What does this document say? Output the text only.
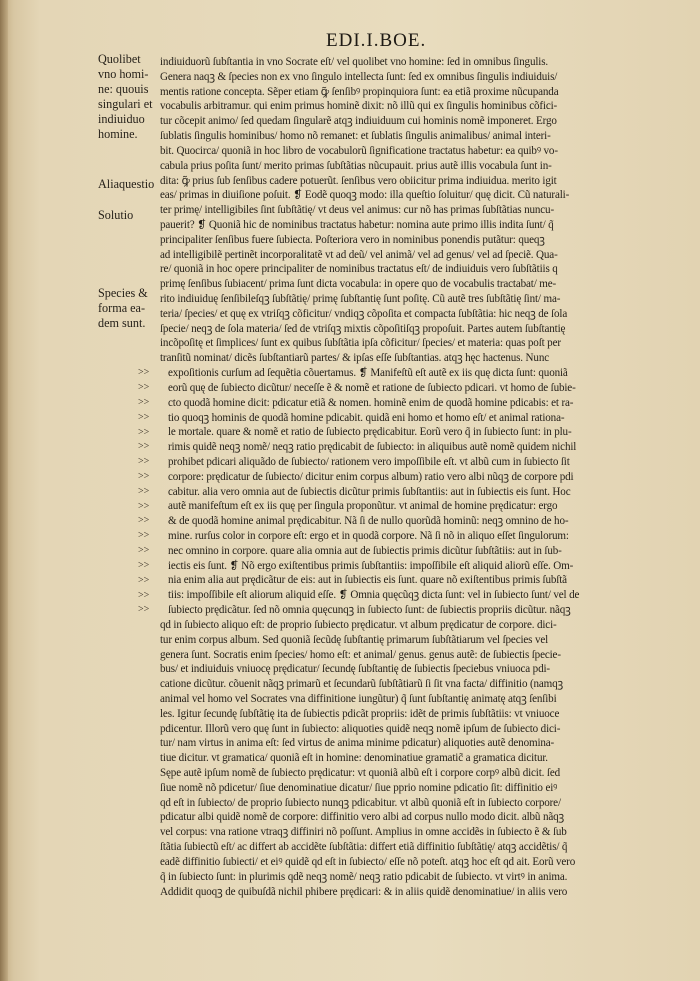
EDI.I.BOE.
Quolibet
vno homi-
ne: quouis
singulari et
indiuiduo
homine.
Aliaquestio
Solutio
Species &
forma ea-
dem sunt.
>>
>>
>>
>>
>>
>>
>>
>>
>>
>>
>>
>>
>>
>>
>>
>>
>>
indiuiduorũ ſubſtantia in vno Socrate eſt/ vel quolibet vno homine: ſed in omnibus ſingulis.
Genera naqꝫ & ſpecies non ex vno ſingulo intellecta ſunt: ſed ex omnibus ſingulis indiuiduis/
mentis ratione concepta. Sẽper etiam ꝙ̃ ſenſibꝰ propinquiora ſunt: ea etiã proxime nũcupanda
vocabulis arbitramur. qui enim primus hominẽ dixit: nõ illũ qui ex ſingulis hominibus cõfici-
tur cõcepit animo/ ſed quedam ſingularẽ atqꝫ indiuiduum cui hominis nomẽ imponeret. Ergo
ſublatis ſingulis hominibus/ homo nõ remanet: et ſublatis ſingulis animalibus/ animal interi-
bit. Quocirca/ quoniã in hoc libro de vocabulorũ ſignificatione tractatus habetur: ea quibꝰ vo-
cabula prius poſita ſunt/ merito primas ſubſtãtias nũcupauit. prius autẽ illis vocabula ſunt in-
dita: ꝙ̃ prius ſub ſenſibus cadere potuerũt. ſenſibus vero obiicitur prima indiuidua. merito igit
eas/ primas in diuiſione poſuit. ❡ Eodẽ quoqꝫ modo: illa queſtio ſoluitur/ quę dicit. Cũ naturali-
ter primę/ intelligibiles ſint ſubſtãtię/ vt deus vel animus: cur nõ has primas ſubſtãtias nuncu-
pauerit? ❡ Quoniã hic de nominibus tractatus habetur: nomina aute primo illis indita ſunt/ q̃
principaliter ſenſibus fuere ſubiecta. Poſteriora vero in nominibus ponendis putãtur: queqꝫ
ad intelligibilẽ pertinẽt incorporalitatẽ vt ad deũ/ vel animã/ vel ad genus/ vel ad ſpeciẽ. Qua-
re/ quoniã in hoc opere principaliter de nominibus tractatus eſt/ de indiuiduis vero ſubſtãtiis q
primę ſenſibus ſubiacent/ prima ſunt dicta vocabula: in opere quo de vocabulis tractabat/ me-
rito indiuiduę ſenſibileſqꝫ ſubſtãtię/ primę ſubſtantię ſunt poſitę. Cũ autẽ tres ſubſtãtię ſint/ ma-
teria/ ſpecies/ et quę ex vtriſqꝫ cõficitur/ vndiqꝫ cõpoſita et compacta ſubſtãtia: hic neqꝫ de ſola
ſpecie/ neqꝫ de ſola materia/ ſed de vtriſqꝫ mixtis cõpoſitiſqꝫ propoſuit. Partes autem ſubſtantię
incõpoſitę et ſimplices/ ſunt ex quibus ſubſtãtia ipſa cõficitur/ ſpecies/ et materia: quas poſt per
tranſitũ nominat/ dicẽs ſubſtantiarũ partes/ & ipſas eſſe ſubſtantias. atqꝫ hęc hactenus. Nunc
expoſitionis curſum ad ſequẽtia cõuertamus. ❡ Manifeſtũ eſt autẽ ex iis quę dicta ſunt: quoniã
eorũ quę de ſubiecto dicũtur/ neceſſe ẽ & nomẽ et ratione de ſubiecto pdicari. vt homo de ſubie-
cto quodã homine dicit: pdicatur etiã & nomen. hominẽ enim de quodã homine pdicabis: et ra-
tio quoqꝫ hominis de quodã homine pdicabit. quidã eni homo et homo eſt/ et animal rationa-
le mortale. quare & nomẽ et ratio de ſubiecto prędicabitur. Eorũ vero q̃ in ſubiecto ſunt: in plu-
rimis quidẽ neqꝫ nomẽ/ neqꝫ ratio prędicabit de ſubiecto: in aliquibus autẽ nomẽ quidem nichil
prohibet pdicari aliquãdo de ſubiecto/ rationem vero impoſſibile eſt. vt albũ cum in ſubiecto ſit
corpore: prędicatur de ſubiecto/ dicitur enim corpus album) ratio vero albi nũqꝫ de corpore pdi
cabitur. alia vero omnia aut de ſubiectis dicũtur primis ſubſtantiis: aut in ſubiectis eis ſunt. Hoc
autẽ manifeſtum eſt ex iis quę per ſingula proponũtur. vt animal de homine prędicatur: ergo
& de quodã homine animal prędicabitur. Nã ſi de nullo quorũdã hominũ: neqꝫ omnino de ho-
mine. rurſus color in corpore eſt: ergo et in quodã corpore. Nã ſi nõ in aliquo eſſet ſingulorum:
nec omnino in corpore. quare alia omnia aut de ſubiectis primis dicũtur ſubſtãtiis: aut in ſub-
iectis eis ſunt. ❡ Nõ ergo exiſtentibus primis ſubſtantiis: impoſſibile eſt aliquid aliorũ eſſe. Om-
nia enim alia aut prędicãtur de eis: aut in ſubiectis eis ſunt. quare nõ exiſtentibus primis ſubſtã
tiis: impoſſibile eſt aliorum aliquid eſſe. ❡ Omnia quęcũqꝫ dicta ſunt: vel in ſubiecto ſunt/ vel de
ſubiecto prędicãtur. ſed nõ omnia quęcunqꝫ in ſubiecto ſunt: de ſubiectis propriis dicũtur. nãqꝫ
qd in ſubiecto aliquo eſt: de proprio ſubiecto prędicatur. vt album prędicatur de corpore. dici-
tur enim corpus album. Sed quoniã ſecũdę ſubſtantię primarum ſubſtãtiarum vel ſpecies vel
genera ſunt. Socratis enim ſpecies/ homo eſt: et animal/ genus. genus autẽ: de ſubiectis ſpecie-
bus/ et indiuiduis vniuocę prędicatur/ ſecundę ſubſtantię de ſubiectis ſpeciebus vniuoca pdi-
catione dicũtur. cõuenit nãqꝫ primarũ et ſecundarũ ſubſtãtiarũ ſi ſit vna facta/ diffinitio (namqꝫ
animal vel homo vel Socrates vna diffinitione iungũtur) q̃ ſunt ſubſtantię animatę atqꝫ ſenſibi
les. Igitur ſecundę ſubſtãtię ita de ſubiectis pdicãt propriis: idẽt de primis ſubſtãtiis: vt vniuoce
pdicentur. Illorũ vero quę ſunt in ſubiecto: aliquoties quidẽ neqꝫ nomẽ ipſum de ſubiecto dici-
tur/ nam virtus in anima eſt: ſed virtus de anima minime pdicatur) aliquoties autẽ denomina-
tiue dicitur. vt gramatica/ quoniã eſt in homine: denominatiue gramatic̃ a gramatica dicitur.
Sępe autẽ ipſum nomẽ de ſubiecto prędicatur: vt quoniã albũ eſt i corpore corpꝰ albũ dicit. ſed
ſiue nomẽ nõ pdicetur/ ſiue denominatiue dicatur/ ſiue pprio nomine pdicatio ſit: diffinitio eiꝰ
qd eſt in ſubiecto/ de proprio ſubiecto nunqꝫ pdicabitur. vt albũ quoniã eſt in ſubiecto corpore/
pdicatur albi quidẽ nomẽ de corpore: diffinitio vero albi ad corpus nullo modo dicit. albũ nãqꝫ
vel corpus: vna ratione vtraqꝫ diffiniri nõ poſſunt. Amplius in omne accidẽs in ſubiecto ẽ & ſub
ſtãtia ſubiectũ eſt/ ac differt ab accidẽte ſubſtãtia: differt etiã diffinitio ſubſtãtię/ atqꝫ accidẽtis/ q̃
eadẽ diffinitio ſubiecti/ et eiꝰ quidẽ qd eſt in ſubiecto/ eſſe nõ poteſt. atqꝫ hoc eſt qd ait. Eorũ vero
q̃ in ſubiecto ſunt: in plurimis qdẽ neqꝫ nomẽ/ neqꝫ ratio pdicabit de ſubiecto. vt virtꝰ in anima.
Addidit quoqꝫ de quibuſdã nichil phibere prędicari: & in aliis quidẽ denominatiue/ in aliis vero
